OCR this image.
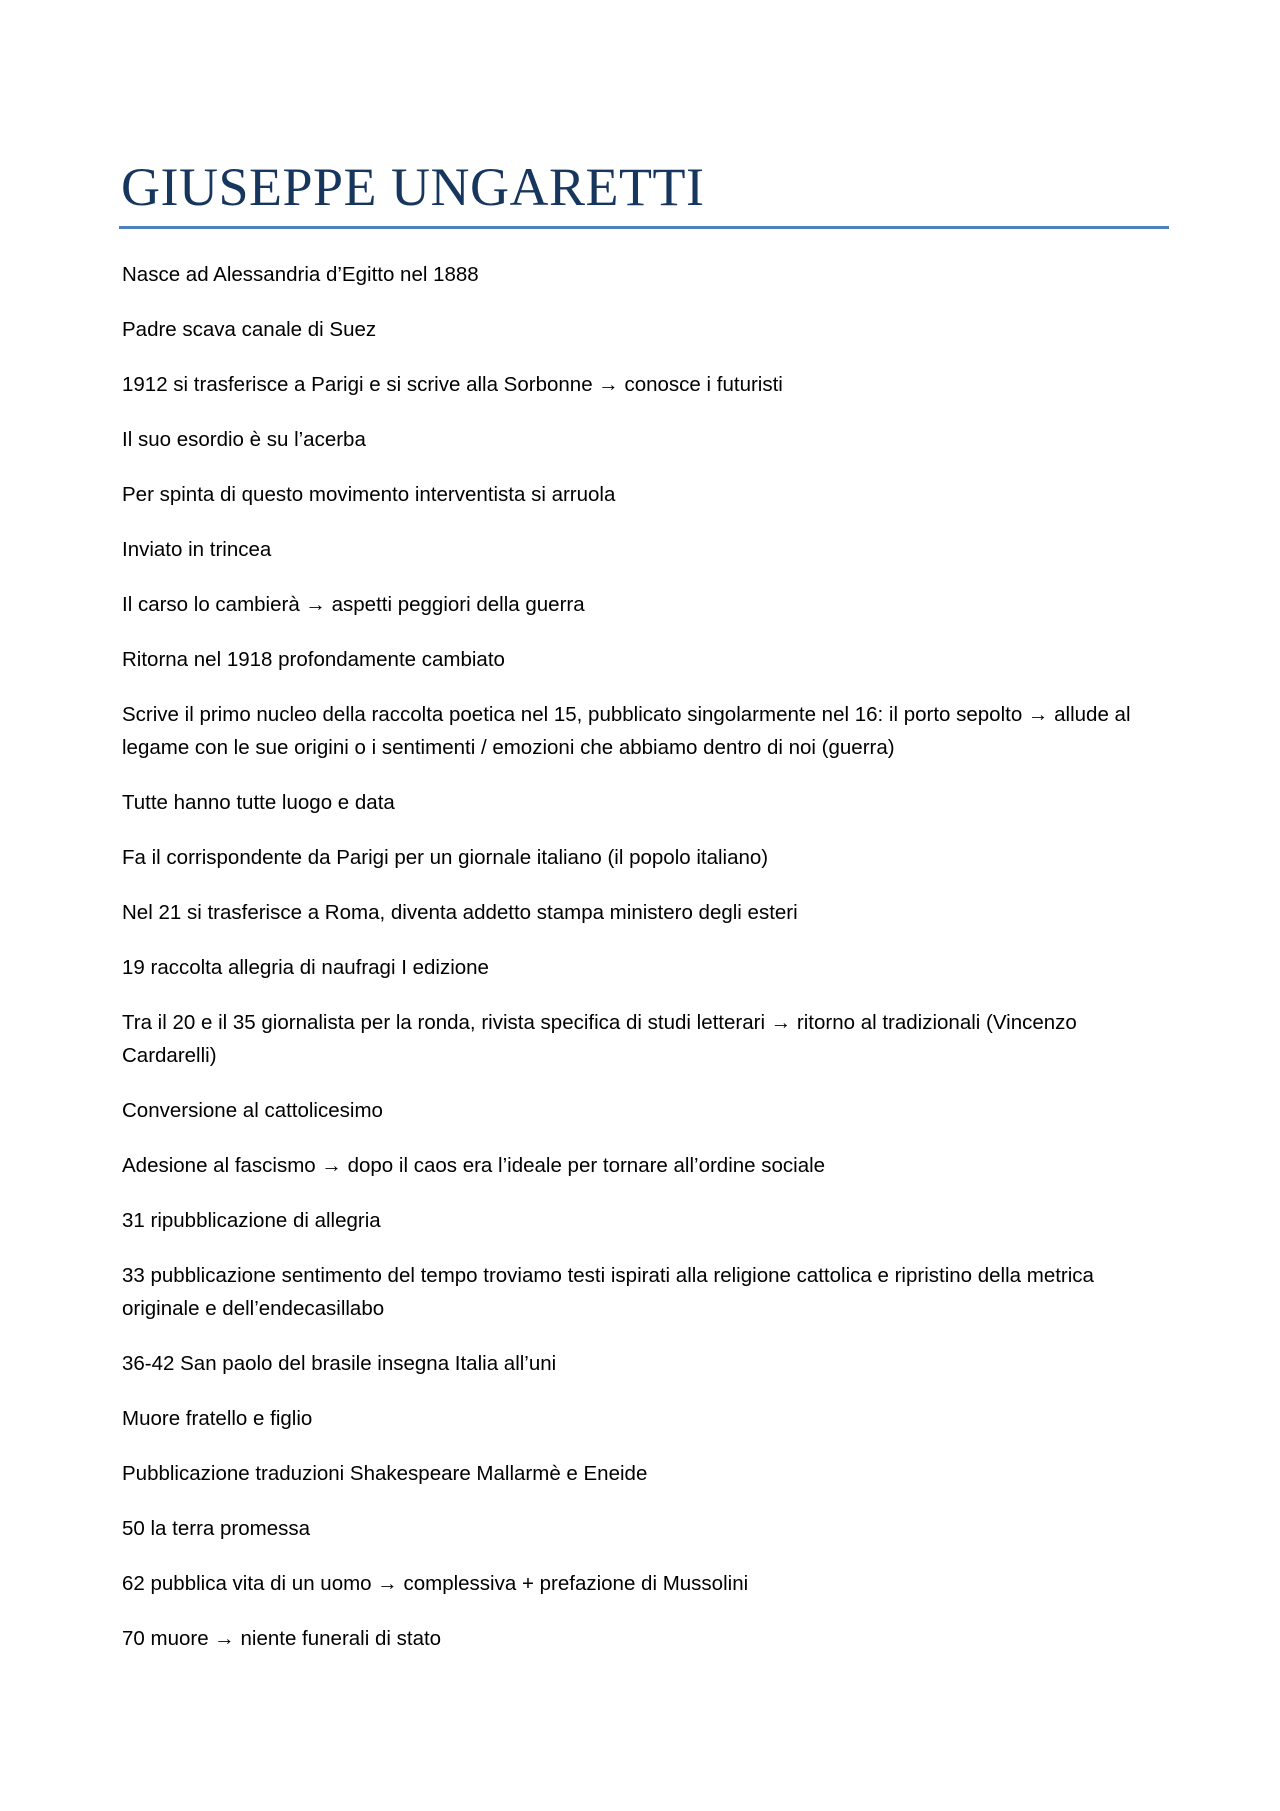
GIUSEPPE UNGARETTI
Nasce ad Alessandria d’Egitto nel 1888
Padre scava canale di Suez
1912 si trasferisce a Parigi e si scrive alla Sorbonne → conosce i futuristi
Il suo esordio è su l’acerba
Per spinta di questo movimento interventista si arruola
Inviato in trincea
Il carso lo cambierà → aspetti peggiori della guerra
Ritorna nel 1918 profondamente cambiato
Scrive il primo nucleo della raccolta poetica nel 15, pubblicato singolarmente nel 16: il porto sepolto → allude al legame con le sue origini o i sentimenti / emozioni che abbiamo dentro di noi (guerra)
Tutte hanno tutte luogo e data
Fa il corrispondente da Parigi per un giornale italiano (il popolo italiano)
Nel 21 si trasferisce a Roma, diventa addetto stampa ministero degli esteri
19 raccolta allegria di naufragi I edizione
Tra il 20 e il 35 giornalista per la ronda, rivista specifica di studi letterari → ritorno al tradizionali (Vincenzo Cardarelli)
Conversione al cattolicesimo
Adesione al fascismo → dopo il caos era l’ideale per tornare all’ordine sociale
31 ripubblicazione di allegria
33 pubblicazione sentimento del tempo troviamo testi ispirati alla religione cattolica e ripristino della metrica originale e dell’endecasillabo
36-42 San paolo del brasile insegna Italia all’uni
Muore fratello e figlio
Pubblicazione traduzioni Shakespeare Mallarmè e Eneide
50 la terra promessa
62 pubblica vita di un uomo → complessiva + prefazione di Mussolini
70 muore → niente funerali di stato
